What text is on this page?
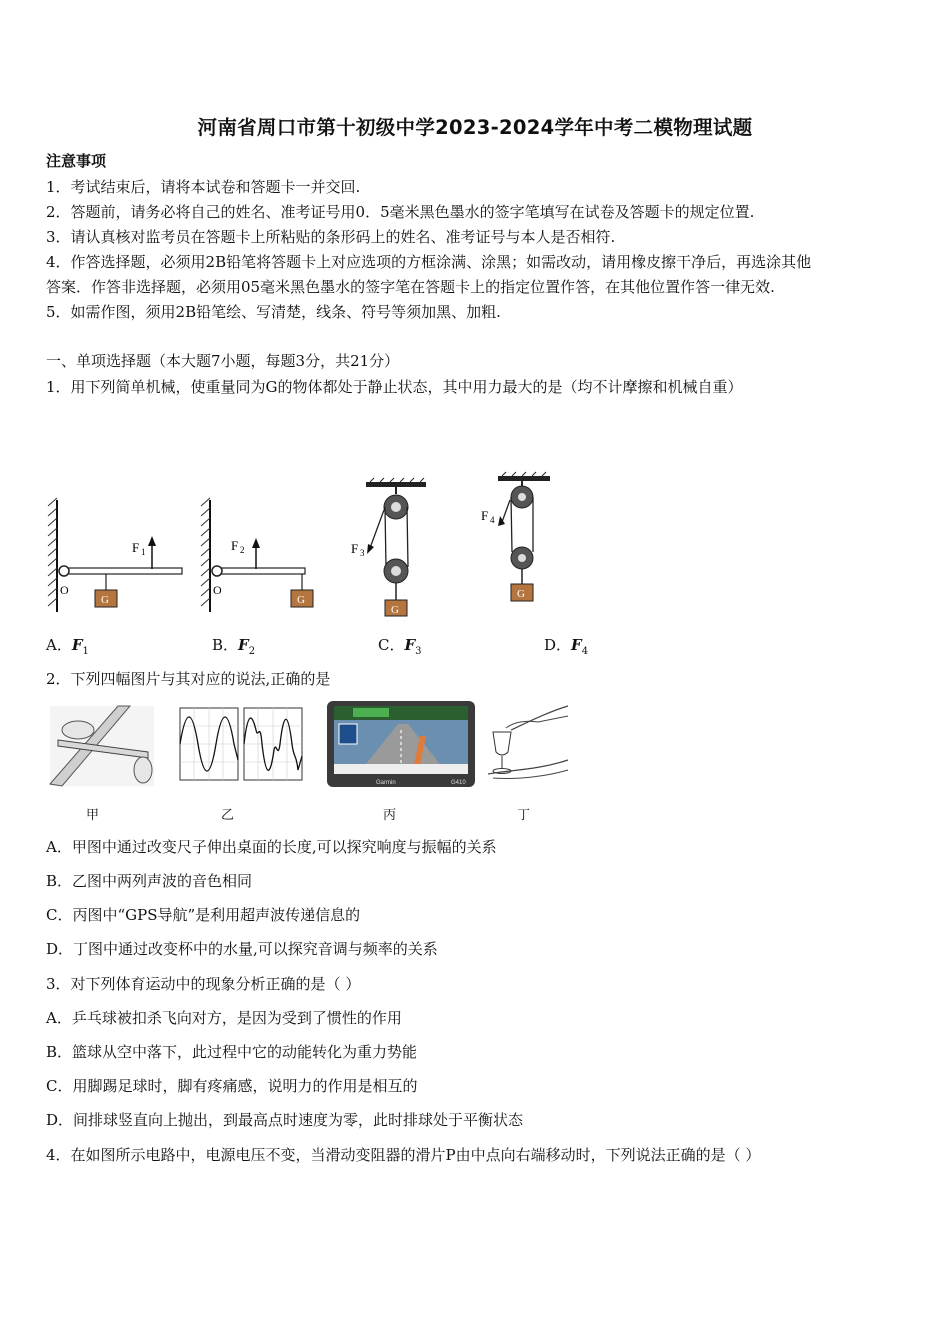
河南省周口市第十初级中学2023-2024学年中考二模物理试题
注意事项
1．考试结束后，请将本试卷和答题卡一并交回.
2．答题前，请务必将自己的姓名、准考证号用0．5毫米黑色墨水的签字笔填写在试卷及答题卡的规定位置.
3．请认真核对监考员在答题卡上所粘贴的条形码上的姓名、准考证号与本人是否相符.
4．作答选择题，必须用2B铅笔将答题卡上对应选项的方框涂满、涂黑；如需改动，请用橡皮擦干净后，再选涂其他
答案．作答非选择题，必须用05毫米黑色墨水的签字笔在答题卡上的指定位置作答，在其他位置作答一律无效.
5．如需作图，须用2B铅笔绘、写清楚，线条、符号等须加黑、加粗.
一、单项选择题（本大题7小题，每题3分，共21分）
1．用下列简单机械，使重量同为G的物体都处于静止状态，其中用力最大的是（均不计摩擦和机械自重）
O
G
F 1
O
G
F 2
G
F 3
G
F 4
A．$F_1$	B．$F_2$	C．$F_3$	D．$F_4$
2．下列四幅图片与其对应的说法,正确的是
Garmin	G410
甲	乙	丙	丁
A．甲图中通过改变尺子伸出桌面的长度,可以探究响度与振幅的关系
B．乙图中两列声波的音色相同
C．丙图中“GPS导航”是利用超声波传递信息的
D．丁图中通过改变杯中的水量,可以探究音调与频率的关系
3．对下列体育运动中的现象分析正确的是（ ）
A．乒乓球被扣杀飞向对方，是因为受到了惯性的作用
B．篮球从空中落下，此过程中它的动能转化为重力势能
C．用脚踢足球时，脚有疼痛感，说明力的作用是相互的
D．间排球竖直向上抛出，到最高点时速度为零，此时排球处于平衡状态
4．在如图所示电路中，电源电压不变，当滑动变阻器的滑片P由中点向右端移动时，下列说法正确的是（ ）
